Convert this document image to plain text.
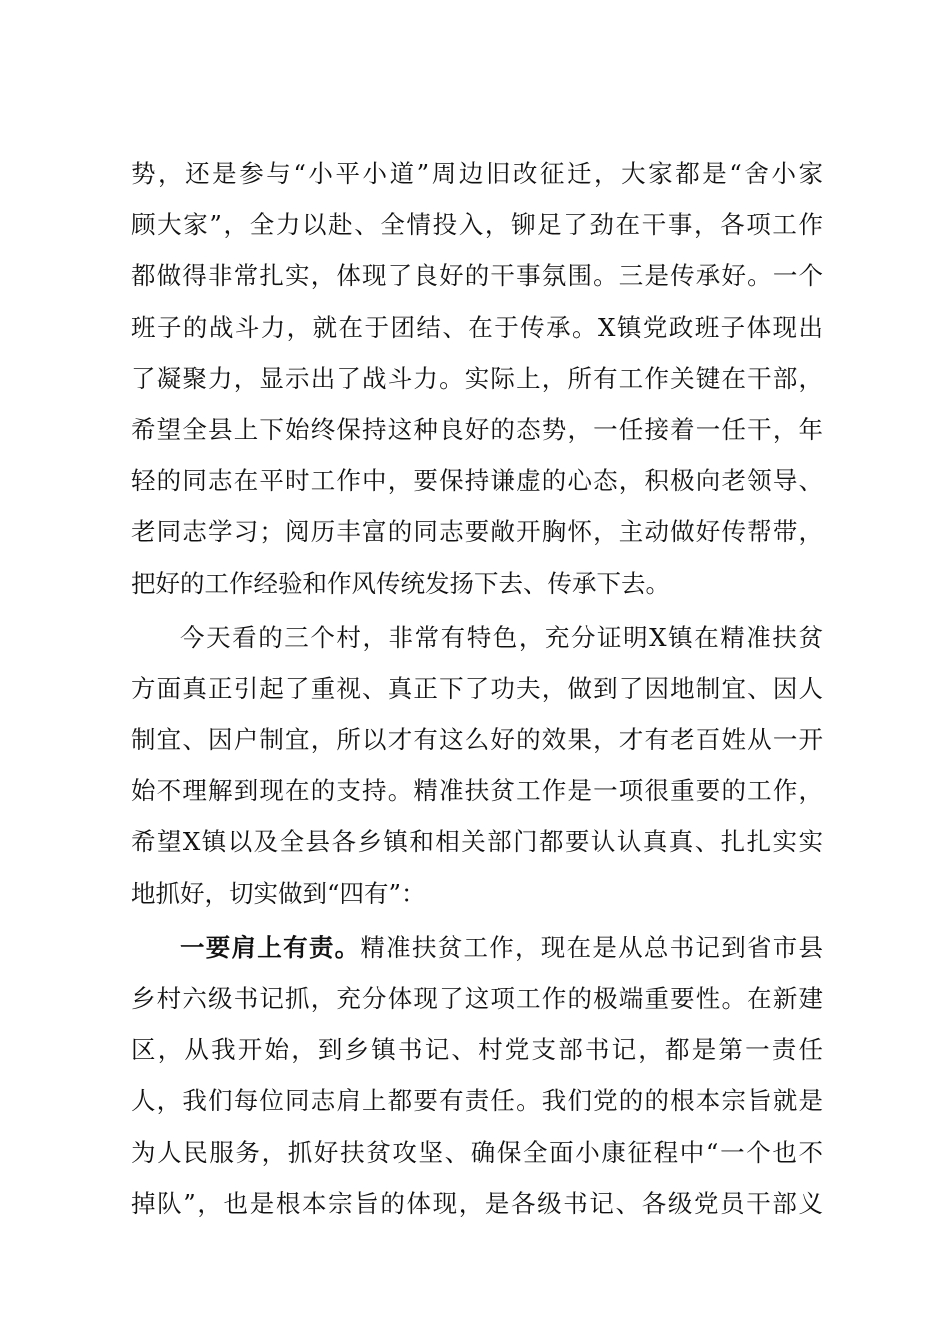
势，还是参与“小平小道”周边旧改征迁，大家都是“舍小家
顾大家”，全力以赴、全情投入，铆足了劲在干事，各项工作
都做得非常扎实，体现了良好的干事氛围。三是传承好。一个
班子的战斗力，就在于团结、在于传承。X镇党政班子体现出
了凝聚力，显示出了战斗力。实际上，所有工作关键在干部，
希望全县上下始终保持这种良好的态势，一任接着一任干，年
轻的同志在平时工作中，要保持谦虚的心态，积极向老领导、
老同志学习；阅历丰富的同志要敞开胸怀，主动做好传帮带，
把好的工作经验和作风传统发扬下去、传承下去。
今天看的三个村，非常有特色，充分证明X镇在精准扶贫
方面真正引起了重视、真正下了功夫，做到了因地制宜、因人
制宜、因户制宜，所以才有这么好的效果，才有老百姓从一开
始不理解到现在的支持。精准扶贫工作是一项很重要的工作，
希望X镇以及全县各乡镇和相关部门都要认认真真、扎扎实实
地抓好，切实做到“四有”：
一要肩上有责。精准扶贫工作，现在是从总书记到省市县
乡村六级书记抓，充分体现了这项工作的极端重要性。在新建
区，从我开始，到乡镇书记、村党支部书记，都是第一责任
人，我们每位同志肩上都要有责任。我们党的的根本宗旨就是
为人民服务，抓好扶贫攻坚、确保全面小康征程中“一个也不
掉队”，也是根本宗旨的体现，是各级书记、各级党员干部义
